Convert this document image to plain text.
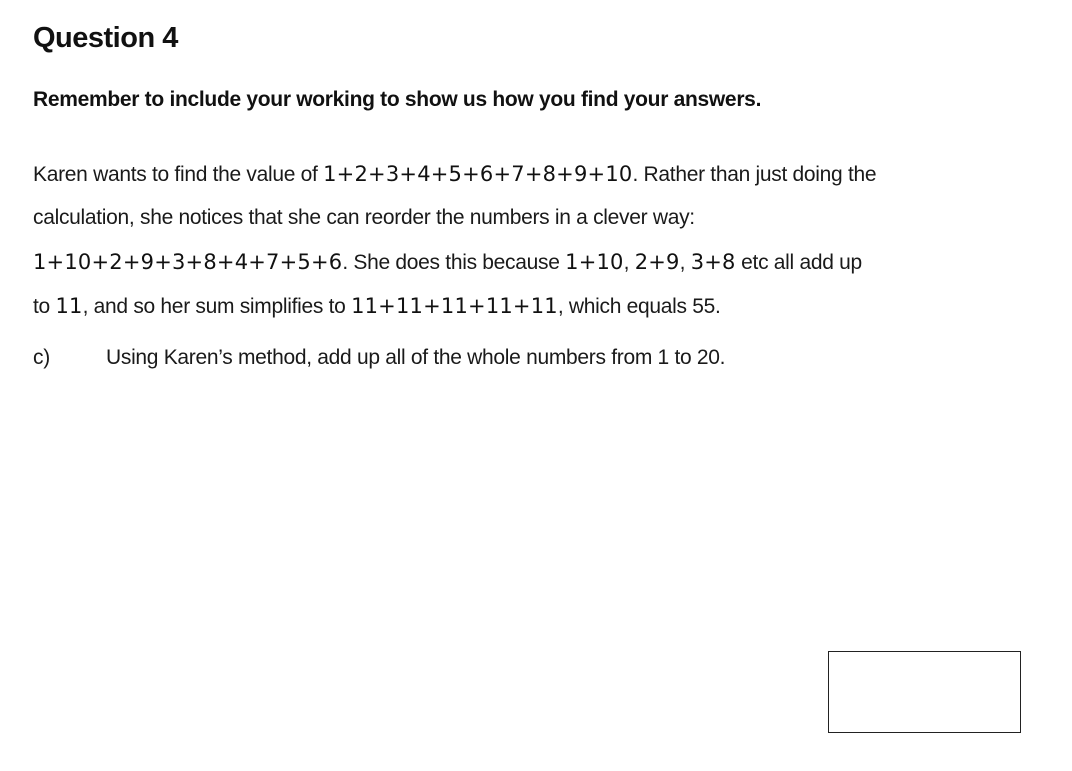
Question 4

Remember to include your working to show us how you find your answers.

Karen wants to find the value of 1+2+3+4+5+6+7+8+9+10. Rather than just doing the
calculation, she notices that she can reorder the numbers in a clever way:
1+10+2+9+3+8+4+7+5+6. She does this because 1+10, 2+9, 3+8 etc all add up
to 11, and so her sum simplifies to 11+11+11+11+11, which equals 55.
c)	Using Karen’s method, add up all of the whole numbers from 1 to 20.
